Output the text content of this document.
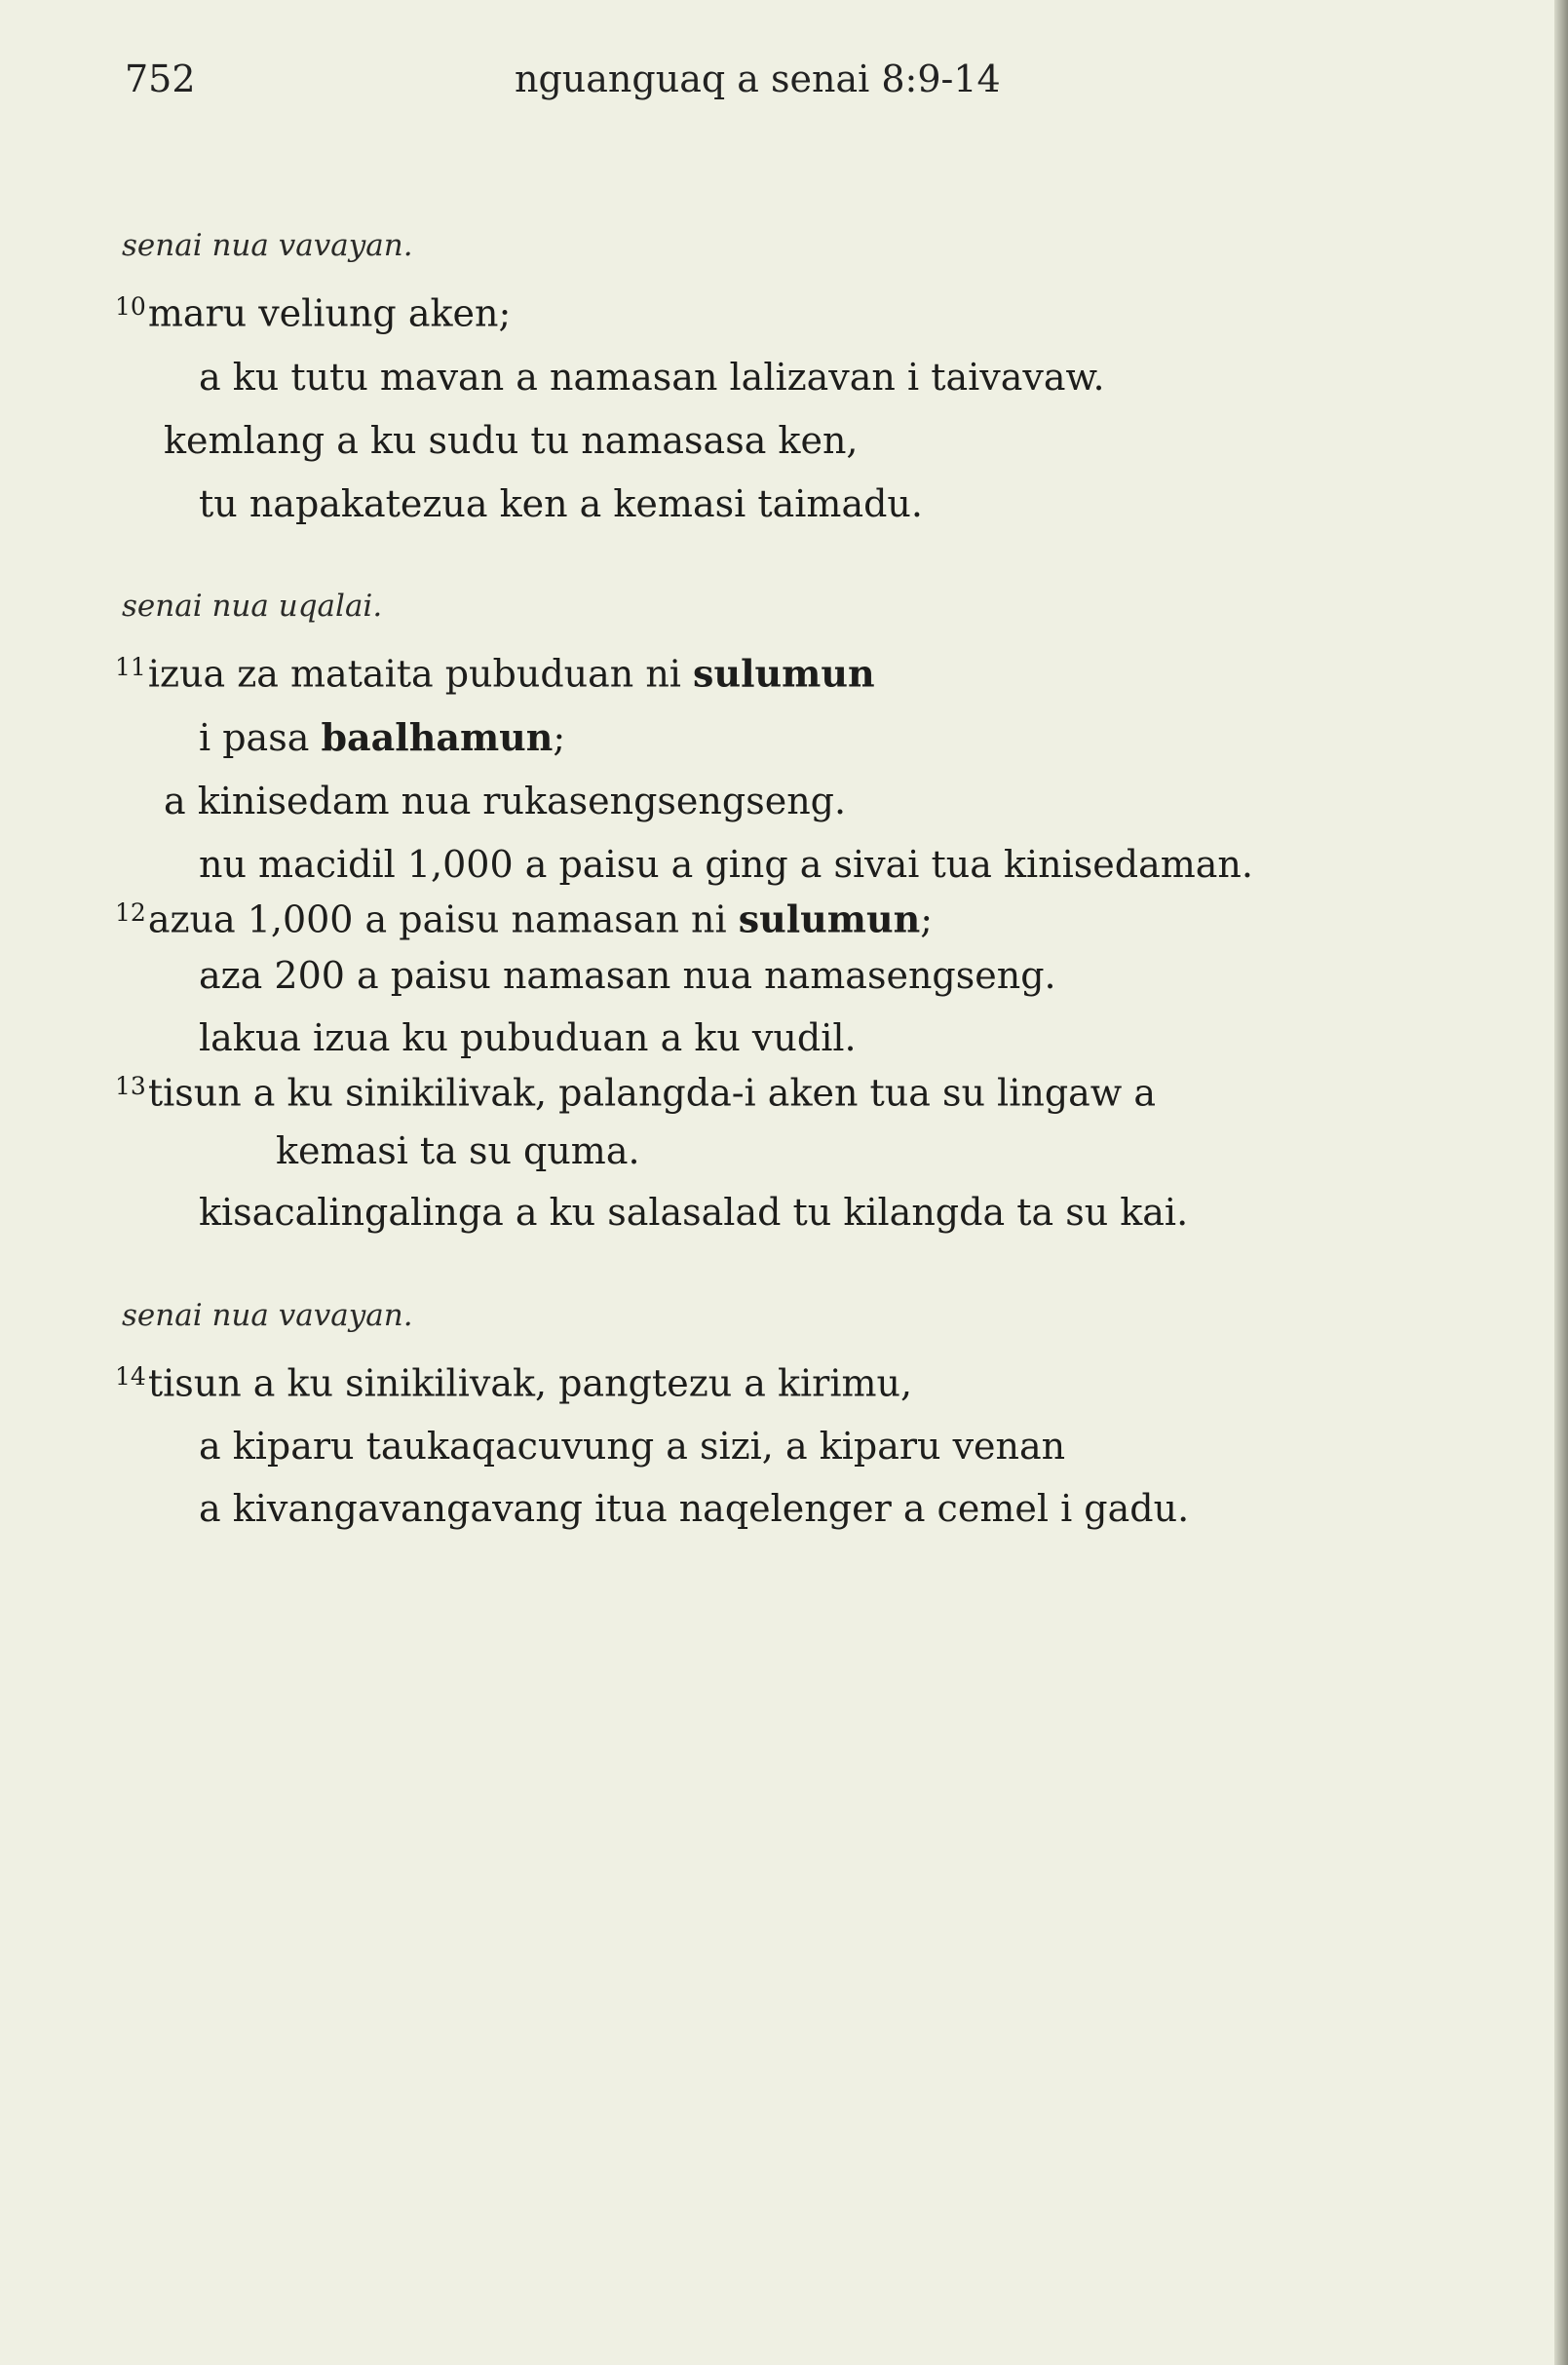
752	nguanguaq a senai 8:9-14
senai nua vavayan.
$^{10}$maru veliung aken;
a ku tutu mavan a namasan lalizavan i taivavaw.
kemlang a ku sudu tu namasasa ken,
tu napakatezua ken a kemasi taimadu.
senai nua uqalai.
$^{11}$izua za mataita pubuduan ni sulumun
i pasa baalhamun;
a kinisedam nua rukasengsengseng.
nu macidil 1,000 a paisu a ging a sivai tua kinisedaman.
$^{12}$azua 1,000 a paisu namasan ni sulumun;
aza 200 a paisu namasan nua namasengseng.
lakua izua ku pubuduan a ku vudil.
$^{13}$tisun a ku sinikilivak, palangda-i aken tua su lingaw a
kemasi ta su quma.
kisacalingalinga a ku salasalad tu kilangda ta su kai.
senai nua vavayan.
$^{14}$tisun a ku sinikilivak, pangtezu a kirimu,
a kiparu taukaqacuvung a sizi, a kiparu venan
a kivangavangavang itua naqelenger a cemel i gadu.
